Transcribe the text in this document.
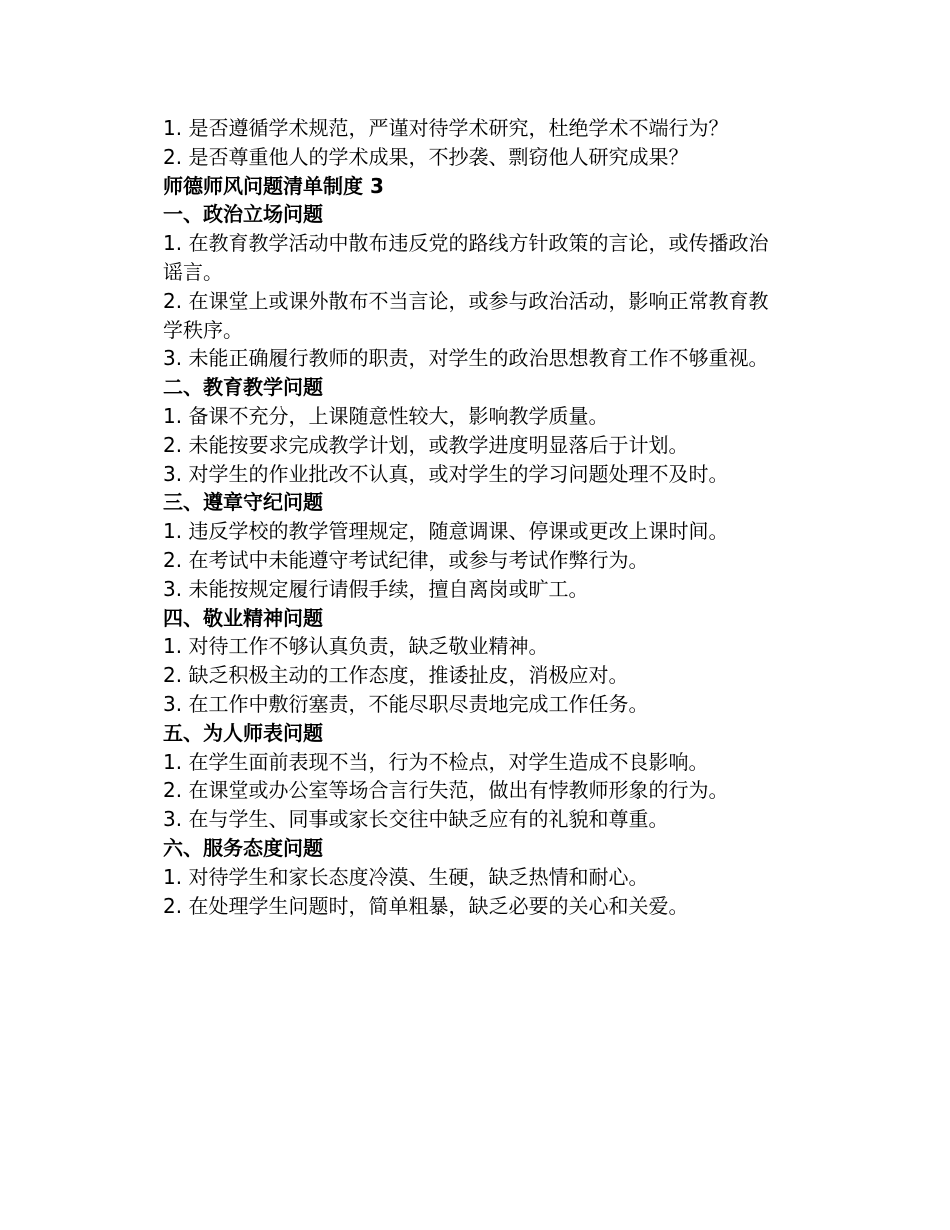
1. 是否遵循学术规范，严谨对待学术研究，杜绝学术不端行为？

2. 是否尊重他人的学术成果，不抄袭、剽窃他人研究成果？

师德师风问题清单制度 3

一、政治立场问题

1. 在教育教学活动中散布违反党的路线方针政策的言论，或传播政治谣言。

2. 在课堂上或课外散布不当言论，或参与政治活动，影响正常教育教学秩序。

3. 未能正确履行教师的职责，对学生的政治思想教育工作不够重视。

二、教育教学问题

1. 备课不充分，上课随意性较大，影响教学质量。

2. 未能按要求完成教学计划，或教学进度明显落后于计划。

3. 对学生的作业批改不认真，或对学生的学习问题处理不及时。

三、遵章守纪问题

1. 违反学校的教学管理规定，随意调课、停课或更改上课时间。

2. 在考试中未能遵守考试纪律，或参与考试作弊行为。

3. 未能按规定履行请假手续，擅自离岗或旷工。

四、敬业精神问题

1. 对待工作不够认真负责，缺乏敬业精神。

2. 缺乏积极主动的工作态度，推诿扯皮，消极应对。

3. 在工作中敷衍塞责，不能尽职尽责地完成工作任务。

五、为人师表问题

1. 在学生面前表现不当，行为不检点，对学生造成不良影响。

2. 在课堂或办公室等场合言行失范，做出有悖教师形象的行为。

3. 在与学生、同事或家长交往中缺乏应有的礼貌和尊重。

六、服务态度问题

1. 对待学生和家长态度冷漠、生硬，缺乏热情和耐心。

2. 在处理学生问题时，简单粗暴，缺乏必要的关心和关爱。
